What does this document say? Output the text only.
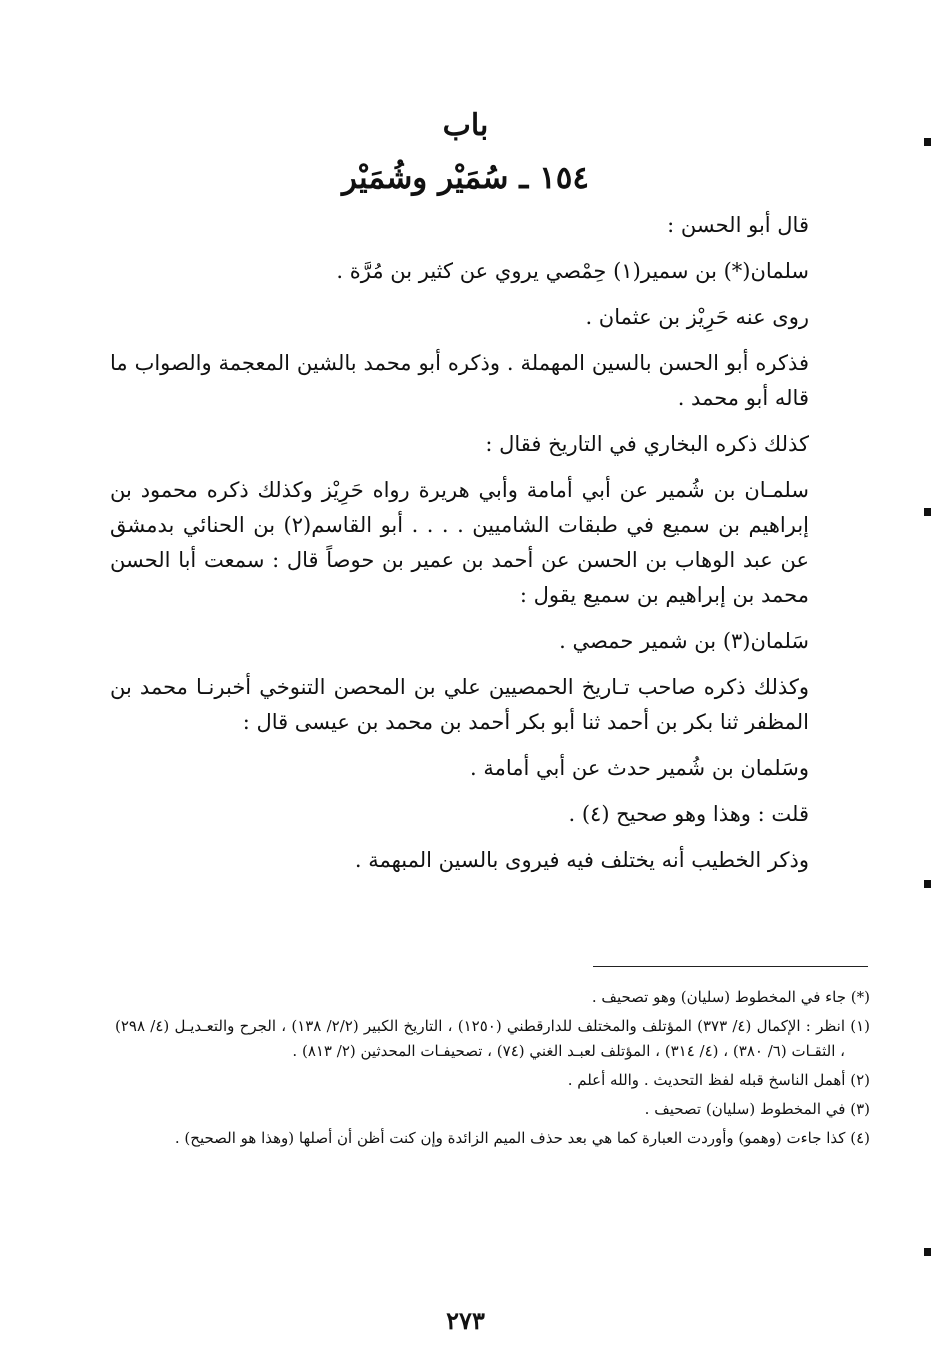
باب
١٥٤ ـ سُمَيْر وشُمَيْر

قال أبو الحسن :

سلمان(*) بن سمير(١) حِمْصي يروي عن كثير بن مُرَّة .

روى عنه حَرِيْز بن عثمان .

فذكره أبو الحسن بالسين المهملة . وذكره أبو محمد بالشين المعجمة والصواب ما قاله أبو محمد .

كذلك ذكره البخاري في التاريخ فقال :

سلمـان بن شُمير عن أبي أمامة وأبي هريرة رواه حَرِيْز وكذلك ذكره محمود بن إبراهيم بن سميع في طبقات الشاميين . . . . أبو القاسم(٢) بن الحنائي بدمشق عن عبد الوهاب بن الحسن عن أحمد بن عمير بن حوصاً قال : سمعت أبا الحسن محمد بن إبراهيم بن سميع يقول :

سَلمان(٣) بن شمير حمصي .

وكذلك ذكره صاحب تـاريخ الحمصيين علي بن المحصن التنوخي أخبرنـا محمد بن المظفر ثنا بكر بن أحمد ثنا أبو بكر أحمد بن محمد بن عيسى قال :

وسَلمان بن شُمير حدث عن أبي أمامة .

قلت : وهذا وهو صحيح (٤) .

وذكر الخطيب أنه يختلف فيه فيروى بالسين المبهمة .

(*) جاء في المخطوط (سليان) وهو تصحيف .

(١) انظر : الإكمال (٤/ ٣٧٣) المؤتلف والمختلف للدارقطني (١٢٥٠) ، التاريخ الكبير (٢/٢/ ١٣٨) ، الجرح والتعـديـل (٤/ ٢٩٨) ، الثقـات (٦/ ٣٨٠) ، (٤/ ٣١٤) ، المؤتلف لعبـد الغني (٧٤) ، تصحيفـات المحدثين (٢/ ٨١٣) .

(٢) أهمل الناسخ قبله لفظ التحديث . والله أعلم .

(٣) في المخطوط (سليان) تصحيف .

(٤) كذا جاءت (وهمو) وأوردت العبارة كما هي بعد حذف الميم الزائدة وإن كنت أظن أن أصلها (وهذا هو الصحيح) .

٢٧٣
